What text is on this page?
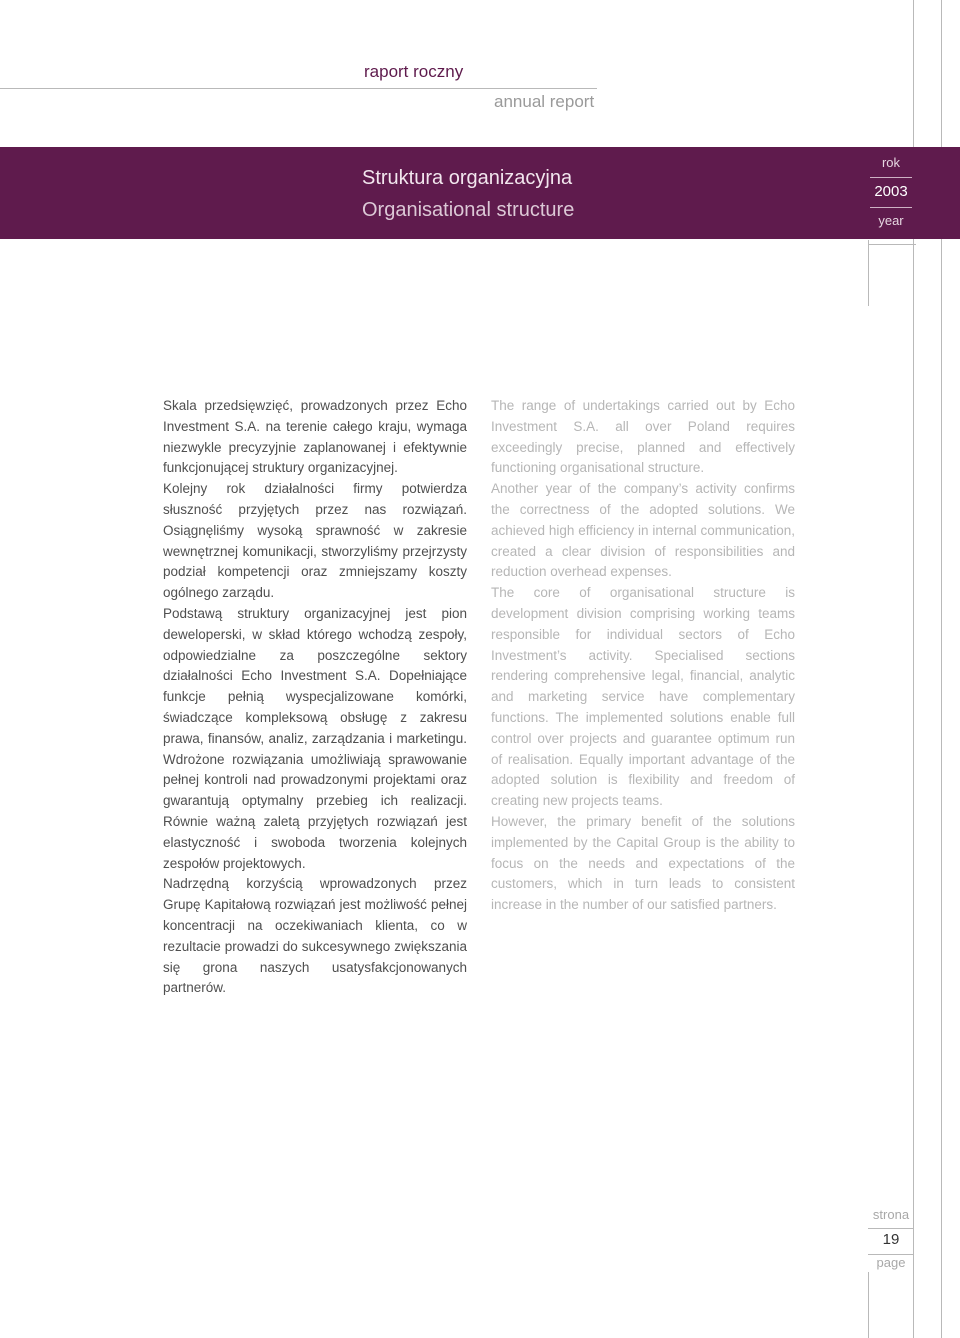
raport roczny
annual report
Struktura organizacyjna
Organisational structure
rok
2003
year

Skala przedsięwzięć, prowadzonych przez Echo Investment S.A. na terenie całego kraju, wymaga niezwykle precyzyjnie zaplanowanej i efektywnie funkcjonującej struktury organizacyjnej.

Kolejny rok działalności firmy potwierdza słuszność przyjętych przez nas rozwiązań. Osiągnęliśmy wysoką sprawność w zakresie wewnętrznej komunikacji, stworzyliśmy przejrzysty podział kompetencji oraz zmniejszamy koszty ogólnego zarządu.

Podstawą struktury organizacyjnej jest pion deweloperski, w skład którego wchodzą zespoły, odpowiedzialne za poszczególne sektory działalności Echo Investment S.A. Dopełniające funkcje pełnią wyspecjalizowane komórki, świadczące kompleksową obsługę z zakresu prawa, finansów, analiz, zarządzania i marketingu. Wdrożone rozwiązania umożliwiają sprawowanie pełnej kontroli nad prowadzonymi projektami oraz gwarantują optymalny przebieg ich realizacji. Równie ważną zaletą przyjętych rozwiązań jest elastyczność i swoboda tworzenia kolejnych zespołów projektowych.

Nadrzędną korzyścią wprowadzonych przez Grupę Kapitałową rozwiązań jest możliwość pełnej koncentracji na oczekiwaniach klienta, co w rezultacie prowadzi do sukcesywnego zwiększania się grona naszych usatysfakcjonowanych partnerów.

The range of undertakings carried out by Echo Investment S.A. all over Poland requires exceedingly precise, planned and effectively functioning organisational structure.

Another year of the company’s activity confirms the correctness of the adopted solutions. We achieved high efficiency in internal communication, created a clear division of responsibilities and reduction overhead expenses.

The core of organisational structure is development division comprising working teams responsible for individual sectors of Echo Investment’s activity. Specialised sections rendering comprehensive legal, financial, analytic and marketing service have complementary functions. The implemented solutions enable full control over projects and guarantee optimum run of realisation. Equally important advantage of the adopted solution is flexibility and freedom of creating new projects teams.

However, the primary benefit of the solutions implemented by the Capital Group is the ability to focus on the needs and expectations of the customers, which in turn leads to consistent increase in the number of our satisfied partners.

strona
19
page
